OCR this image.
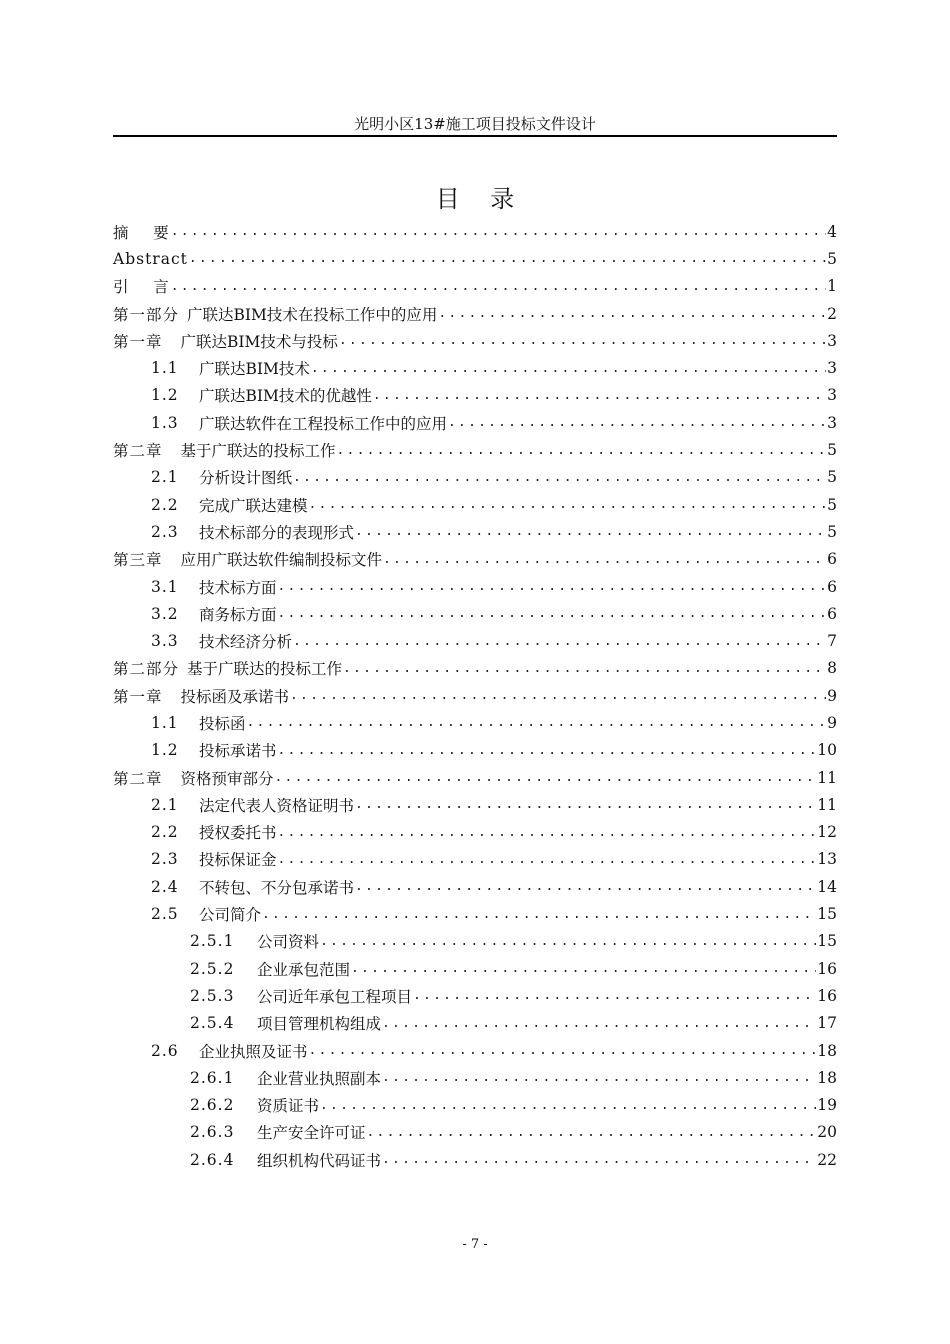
光明小区13#施工项目投标文件设计
目    录
摘    要 .....	4
Abstract .....	5
引    言 .....	1
第一部分 广联达BIM技术在投标工作中的应用 .....	2
第一章 广联达BIM技术与投标 .....	3
1.1	广联达BIM技术 .....	3
1.2	广联达BIM技术的优越性 .....	3
1.3	广联达软件在工程投标工作中的应用 .....	3
第二章 基于广联达的投标工作 .....	5
2.1	分析设计图纸 .....	5
2.2	完成广联达建模 .....	5
2.3	技术标部分的表现形式 .....	5
第三章 应用广联达软件编制投标文件 .....	6
3.1	技术标方面 .....	6
3.2	商务标方面 .....	6
3.3	技术经济分析 .....	7
第二部分 基于广联达的投标工作 .....	8
第一章 投标函及承诺书 .....	9
1.1	投标函 .....	9
1.2	投标承诺书 .....	10
第二章 资格预审部分 .....	11
2.1	法定代表人资格证明书 .....	11
2.2	授权委托书 .....	12
2.3	投标保证金 .....	13
2.4	不转包、不分包承诺书 .....	14
2.5	公司简介 .....	15
2.5.1	公司资料 .....	15
2.5.2	企业承包范围 .....	16
2.5.3	公司近年承包工程项目 .....	16
2.5.4	项目管理机构组成 .....	17
2.6	企业执照及证书 .....	18
2.6.1	企业营业执照副本 .....	18
2.6.2	资质证书 .....	19
2.6.3	生产安全许可证 .....	20
2.6.4	组织机构代码证书 .....	22
- 7 -
